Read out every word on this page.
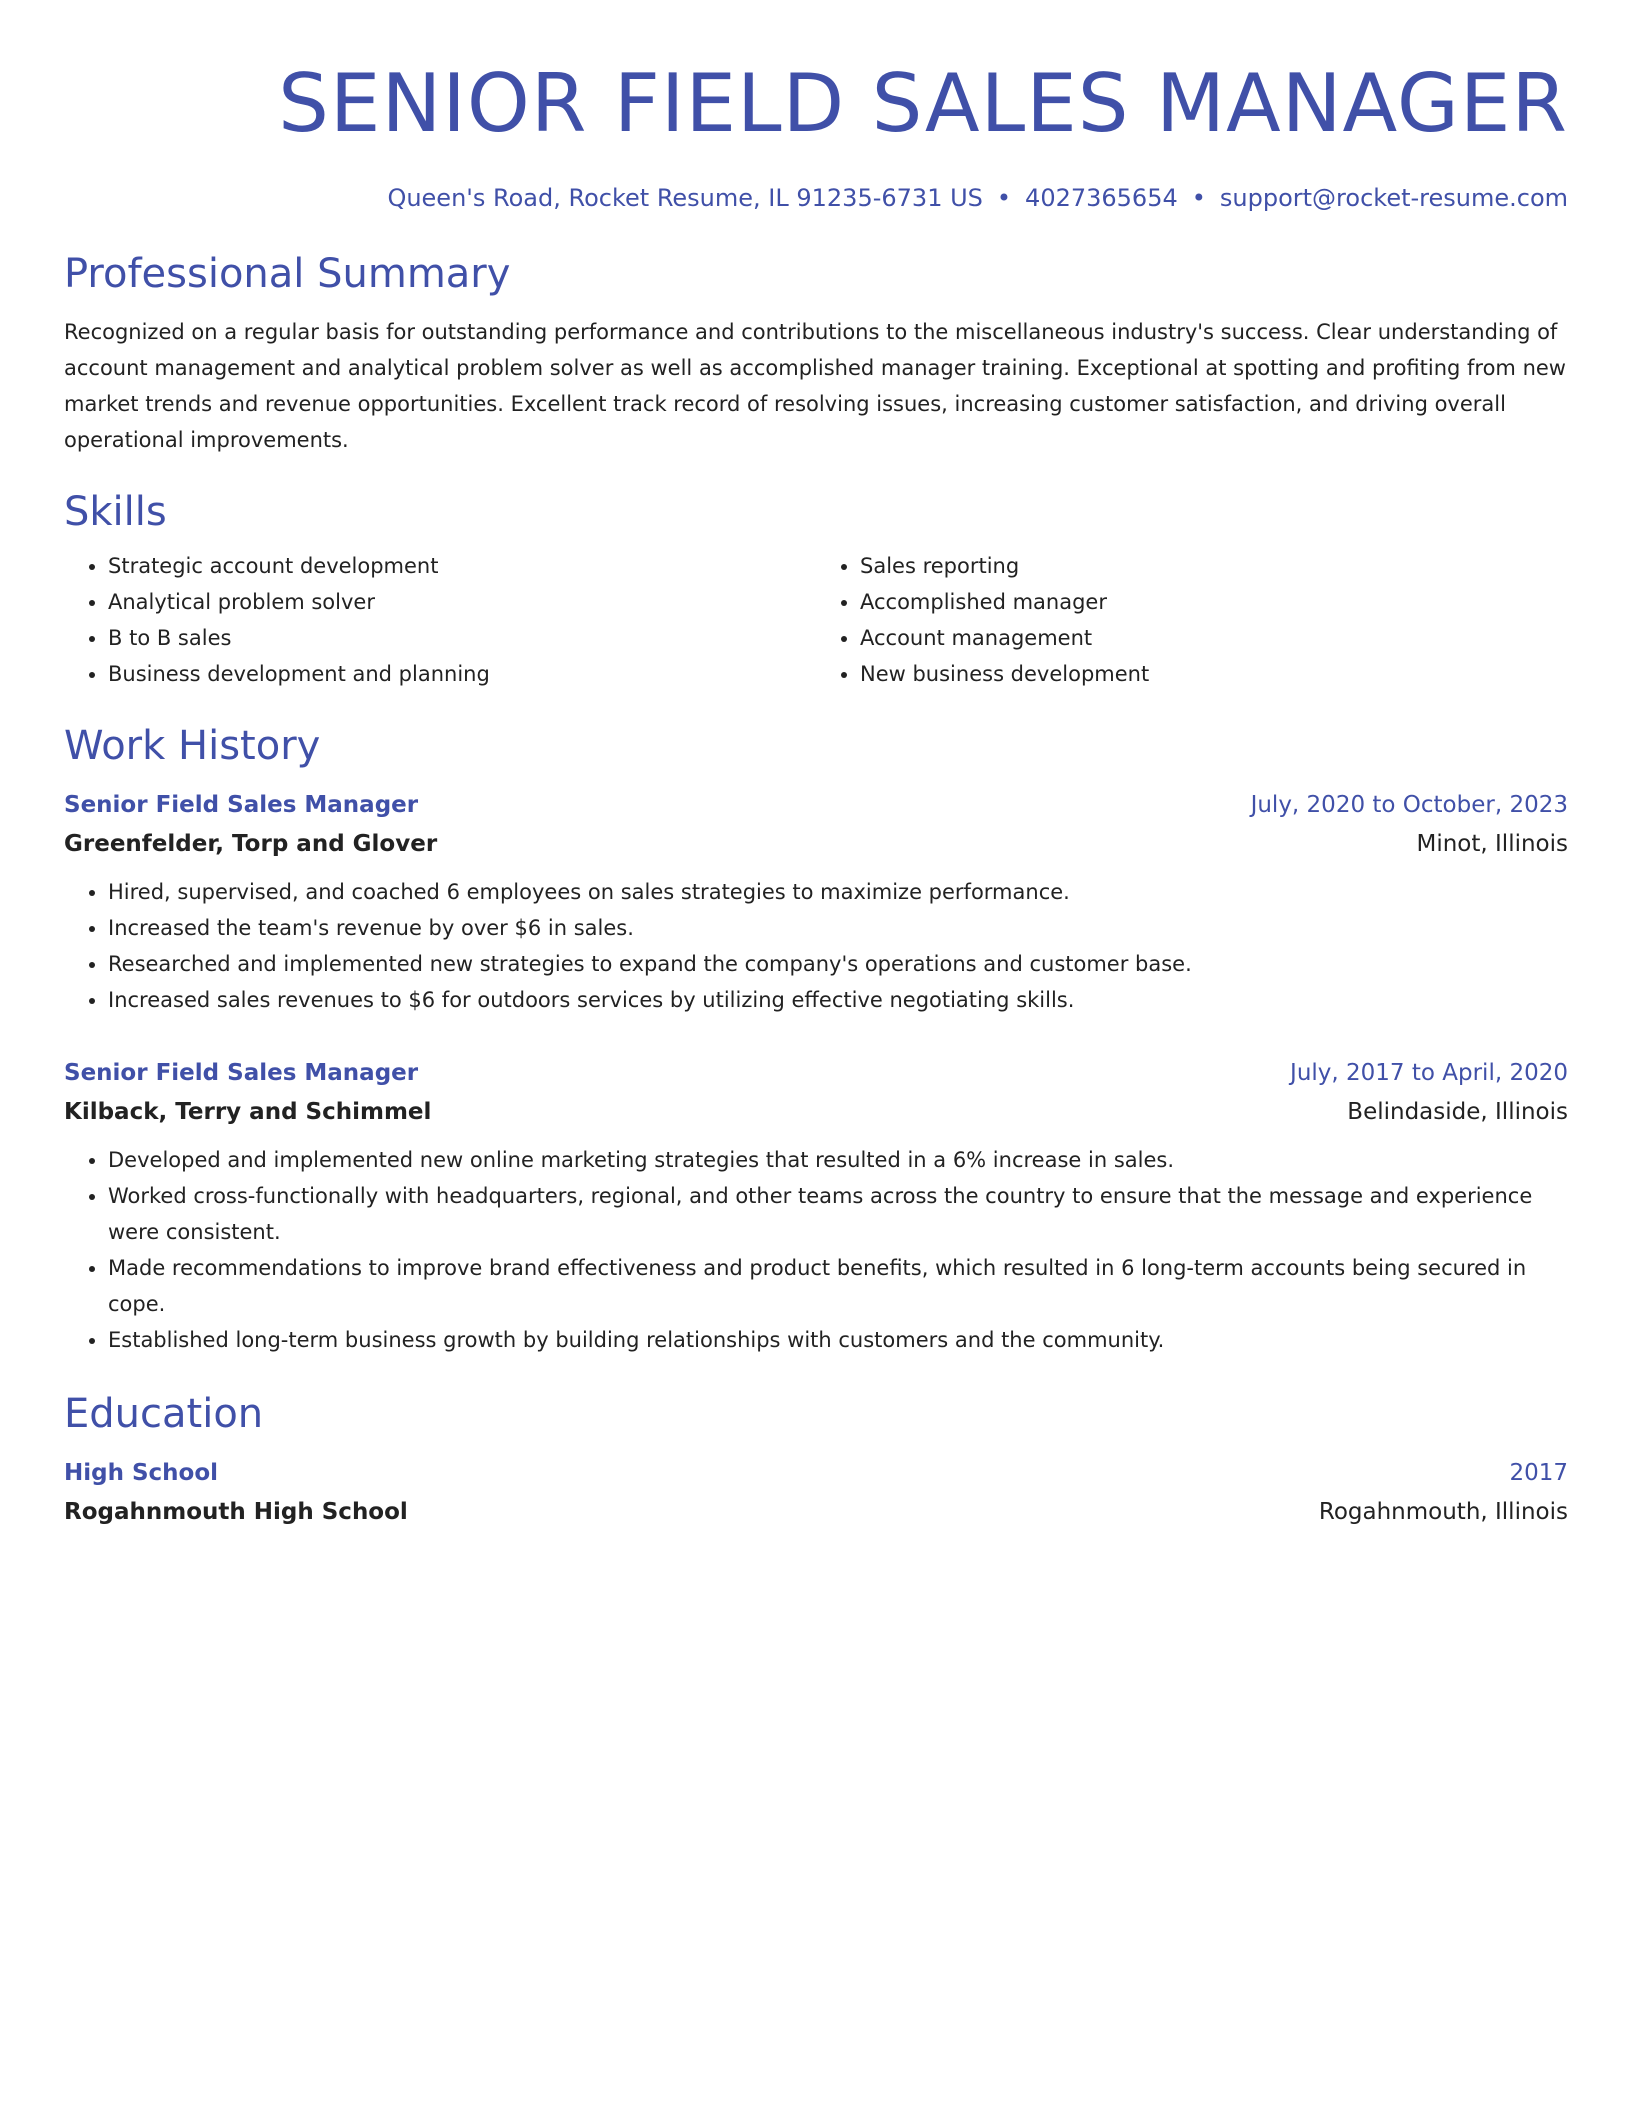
SENIOR FIELD SALES MANAGER
Queen's Road, Rocket Resume, IL 91235-6731 US • 4027365654 • support@rocket-resume.com
Professional Summary

Recognized on a regular basis for outstanding performance and contributions to the miscellaneous industry's success. Clear understanding of account management and analytical problem solver as well as accomplished manager training. Exceptional at spotting and profiting from new market trends and revenue opportunities. Excellent track record of resolving issues, increasing customer satisfaction, and driving overall operational improvements.

Skills
• Strategic account development
• Analytical problem solver
• B to B sales
• Business development and planning
• Sales reporting
• Accomplished manager
• Account management
• New business development
Work History
Senior Field Sales Manager	July, 2020 to October, 2023
Greenfelder, Torp and Glover	Minot, Illinois
• Hired, supervised, and coached 6 employees on sales strategies to maximize performance.
• Increased the team's revenue by over $6 in sales.
• Researched and implemented new strategies to expand the company's operations and customer base.
• Increased sales revenues to $6 for outdoors services by utilizing effective negotiating skills.
Senior Field Sales Manager	July, 2017 to April, 2020
Kilback, Terry and Schimmel	Belindaside, Illinois
• Developed and implemented new online marketing strategies that resulted in a 6% increase in sales.
• Worked cross-functionally with headquarters, regional, and other teams across the country to ensure that the message and experience were consistent.
• Made recommendations to improve brand effectiveness and product benefits, which resulted in 6 long-term accounts being secured in cope.
• Established long-term business growth by building relationships with customers and the community.
Education
High School	2017
Rogahnmouth High School	Rogahnmouth, Illinois
